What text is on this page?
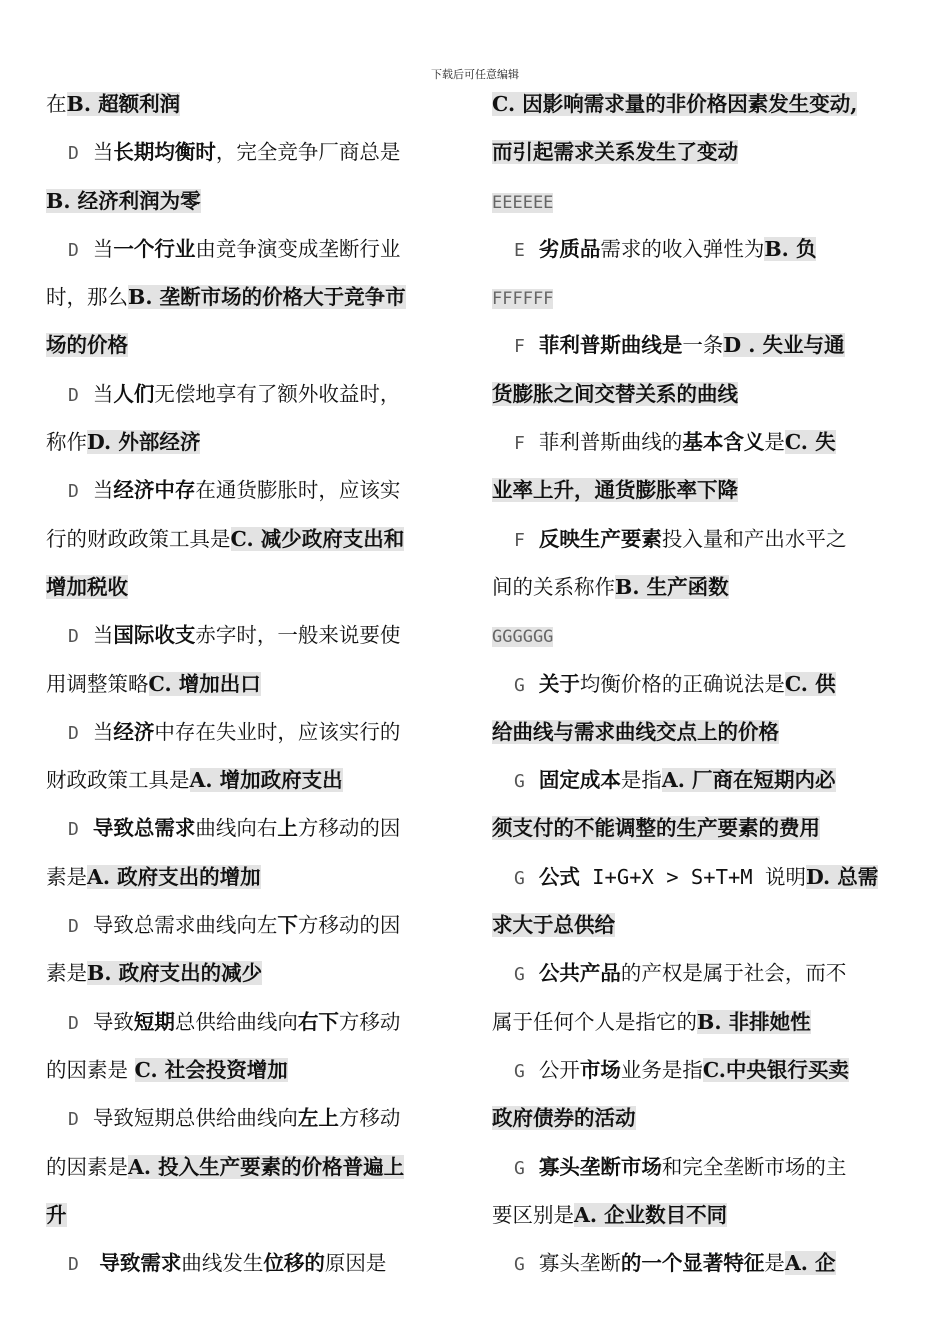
下载后可任意编辑
在B. 超额利润
D 当长期均衡时，完全竞争厂商总是
B. 经济利润为零
D 当一个行业由竞争演变成垄断行业
时，那么B. 垄断市场的价格大于竞争市
场的价格
D 当人们无偿地享有了额外收益时，
称作D. 外部经济
D 当经济中存在通货膨胀时，应该实
行的财政政策工具是C. 减少政府支出和
增加税收
D 当国际收支赤字时，一般来说要使
用调整策略C. 增加出口
D 当经济中存在失业时，应该实行的
财政政策工具是A. 增加政府支出
D 导致总需求曲线向右上方移动的因
素是A. 政府支出的增加
D 导致总需求曲线向左下方移动的因
素是B. 政府支出的减少
D 导致短期总供给曲线向右下方移动
的因素是 C. 社会投资增加
D 导致短期总供给曲线向左上方移动
的因素是A. 投入生产要素的价格普遍上
升
D 导致需求曲线发生位移的原因是
C. 因影响需求量的非价格因素发生变动,
而引起需求关系发生了变动
EEEEEE
E 劣质品需求的收入弹性为B. 负
FFFFFF
F 菲利普斯曲线是一条D . 失业与通
货膨胀之间交替关系的曲线
F 菲利普斯曲线的基本含义是C. 失
业率上升，通货膨胀率下降
F 反映生产要素投入量和产出水平之
间的关系称作B. 生产函数
GGGGGG
G 关于均衡价格的正确说法是C. 供
给曲线与需求曲线交点上的价格
G 固定成本是指A. 厂商在短期内必
须支付的不能调整的生产要素的费用
G 公式 I+G+X > S+T+M 说明D. 总需
求大于总供给
G 公共产品的产权是属于社会，而不
属于任何个人是指它的B. 非排她性
G 公开市场业务是指C.中央银行买卖
政府债券的活动
G 寡头垄断市场和完全垄断市场的主
要区别是A. 企业数目不同
G 寡头垄断的一个显著特征是A. 企
